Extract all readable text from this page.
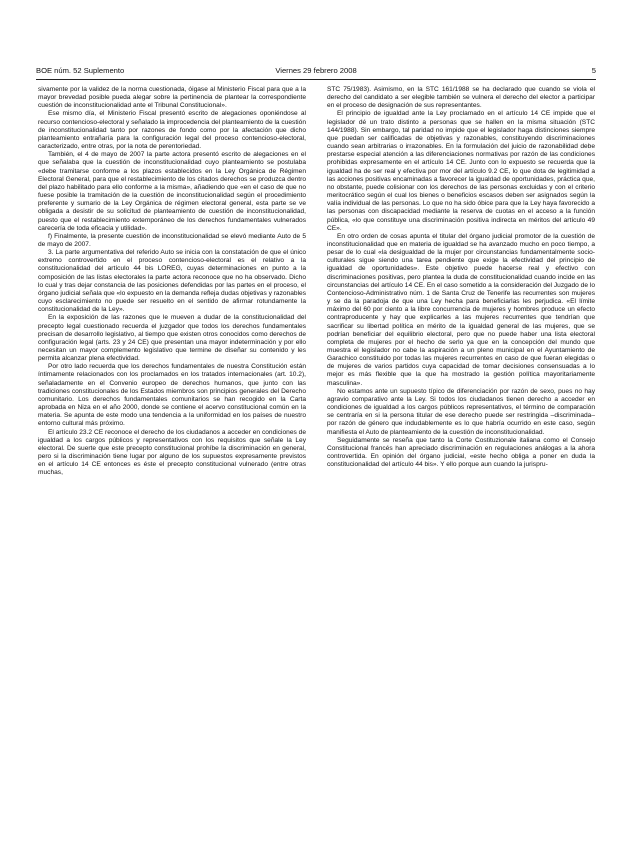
BOE núm. 52 Suplemento	Viernes 29 febrero 2008	5

sivamente por la validez de la norma cuestionada, óigase al Ministerio Fiscal para que a la mayor brevedad posible pueda alegar sobre la pertinencia de plantear la correspondiente cuestión de inconstitucionalidad ante el Tribunal Constitucional».

Ese mismo día, el Ministerio Fiscal presentó escrito de alegaciones oponiéndose al recurso contencioso-electoral y señalado la improcedencia del planteamiento de la cuestión de inconstitucionalidad tanto por razones de fondo como por la afectación que dicho planteamiento entrañaría para la configuración legal del proceso contencioso-electoral, caracterizado, entre otras, por la nota de perentoriedad.

También, el 4 de mayo de 2007 la parte actora presentó escrito de alegaciones en el que señalaba que la cuestión de inconstitucionalidad cuyo planteamiento se postulaba «debe tramitarse conforme a los plazos establecidos en la Ley Orgánica de Régimen Electoral General, para que el restablecimiento de los citados derechos se produzca dentro del plazo habilitado para ello conforme a la misma», añadiendo que «en el caso de que no fuese posible la tramitación de la cuestión de inconstitucionalidad según el procedimiento preferente y sumario de la Ley Orgánica de régimen electoral general, esta parte se ve obligada a desistir de su solicitud de planteamiento de cuestión de inconstitucionalidad, puesto que el restablecimiento extemporáneo de los derechos fundamentales vulnerados carecería de toda eficacia y utilidad».

f) Finalmente, la presente cuestión de inconstitucionalidad se elevó mediante Auto de 5 de mayo de 2007.

3. La parte argumentativa del referido Auto se inicia con la constatación de que el único extremo controvertido en el proceso contencioso-electoral es el relativo a la constitucionalidad del artículo 44 bis LOREG, cuyas determinaciones en punto a la composición de las listas electorales la parte actora reconoce que no ha observado. Dicho lo cual y tras dejar constancia de las posiciones defendidas por las partes en el proceso, el órgano judicial señala que «lo expuesto en la demanda refleja dudas objetivas y razonables cuyo esclarecimiento no puede ser resuelto en el sentido de afirmar rotundamente la constitucionalidad de la Ley».

En la exposición de las razones que le mueven a dudar de la constitucionalidad del precepto legal cuestionado recuerda el juzgador que todos los derechos fundamentales precisan de desarrollo legislativo, al tiempo que existen otros conocidos como derechos de configuración legal (arts. 23 y 24 CE) que presentan una mayor indeterminación y por ello necesitan un mayor complemento legislativo que termine de diseñar su contenido y les permita alcanzar plena efectividad.

Por otro lado recuerda que los derechos fundamentales de nuestra Constitución están íntimamente relacionados con los proclamados en los tratados internacionales (art. 10.2), señaladamente en el Convenio europeo de derechos humanos, que junto con las tradiciones constitucionales de los Estados miembros son principios generales del Derecho comunitario. Los derechos fundamentales comunitarios se han recogido en la Carta aprobada en Niza en el año 2000, donde se contiene el acervo constitucional común en la materia. Se apunta de este modo una tendencia a la uniformidad en los países de nuestro entorno cultural más próximo.

El artículo 23.2 CE reconoce el derecho de los ciudadanos a acceder en condiciones de igualdad a los cargos públicos y representativos con los requisitos que señale la Ley electoral. De suerte que este precepto constitucional prohíbe la discriminación en general, pero si la discriminación tiene lugar por alguno de los supuestos expresamente previstos en el artículo 14 CE entonces es éste el precepto constitucional vulnerado (entre otras muchas,

STC 75/1983). Asimismo, en la STC 161/1988 se ha declarado que cuando se viola el derecho del candidato a ser elegible también se vulnera el derecho del elector a participar en el proceso de designación de sus representantes.

El principio de igualdad ante la Ley proclamado en el artículo 14 CE impide que el legislador dé un trato distinto a personas que se hallen en la misma situación (STC 144/1988). Sin embargo, tal paridad no impide que el legislador haga distinciones siempre que puedan ser calificadas de objetivas y razonables, constituyendo discriminaciones cuando sean arbitrarias o irrazonables. En la formulación del juicio de razonabilidad debe prestarse especial atención a las diferenciaciones normativas por razón de las condiciones prohibidas expresamente en el artículo 14 CE. Junto con lo expuesto se recuerda que la igualdad ha de ser real y efectiva por mor del artículo 9.2 CE, lo que dota de legitimidad a las acciones positivas encaminadas a favorecer la igualdad de oportunidades, práctica que, no obstante, puede colisionar con los derechos de las personas excluidas y con el criterio meritocrático según el cual los bienes o beneficios escasos deben ser asignados según la valía individual de las personas. Lo que no ha sido óbice para que la Ley haya favorecido a las personas con discapacidad mediante la reserva de cuotas en el acceso a la función pública, «lo que constituye una discriminación positiva indirecta en méritos del artículo 49 CE».

En otro orden de cosas apunta el titular del órgano judicial promotor de la cuestión de inconstitucionalidad que en materia de igualdad se ha avanzado mucho en poco tiempo, a pesar de lo cual «la desigualdad de la mujer por circunstancias fundamentalmente socio-culturales sigue siendo una tarea pendiente que exige la efectividad del principio de igualdad de oportunidades». Este objetivo puede hacerse real y efectivo con discriminaciones positivas, pero plantea la duda de constitucionalidad cuando incide en las circunstancias del artículo 14 CE. En el caso sometido a la consideración del Juzgado de lo Contencioso-Administrativo núm. 1 de Santa Cruz de Tenerife las recurrentes son mujeres y se da la paradoja de que una Ley hecha para beneficiarlas les perjudica. «El límite máximo del 60 por ciento a la libre concurrencia de mujeres y hombres produce un efecto contraproducente y hay que explicarles a las mujeres recurrentes que tendrían que sacrificar su libertad política en mérito de la igualdad general de las mujeres, que se podrían beneficiar del equilibrio electoral, pero que no puede haber una lista electoral completa de mujeres por el hecho de serlo ya que en la concepción del mundo que muestra el legislador no cabe la aspiración a un pleno municipal en el Ayuntamiento de Garachico constituido por todas las mujeres recurrentes en caso de que fueran elegidas o de mujeres de varios partidos cuya capacidad de tomar decisiones consensuadas a lo mejor es más flexible que la que ha mostrado la gestión política mayoritariamente masculina».

No estamos ante un supuesto típico de diferenciación por razón de sexo, pues no hay agravio comparativo ante la Ley. Si todos los ciudadanos tienen derecho a acceder en condiciones de igualdad a los cargos públicos representativos, el término de comparación se centraría en si la persona titular de ese derecho puede ser restringida –discriminada– por razón de género que indudablemente es lo que habría ocurrido en este caso, según manifiesta el Auto de planteamiento de la cuestión de inconstitucionalidad.

Seguidamente se reseña que tanto la Corte Costituzionale italiana como el Consejo Constitucional francés han apreciado discriminación en regulaciones análogas a la ahora controvertida. En opinión del órgano judicial, «este hecho obliga a poner en duda la constitucionalidad del artículo 44 bis». Y ello porque aun cuando la jurispru-
